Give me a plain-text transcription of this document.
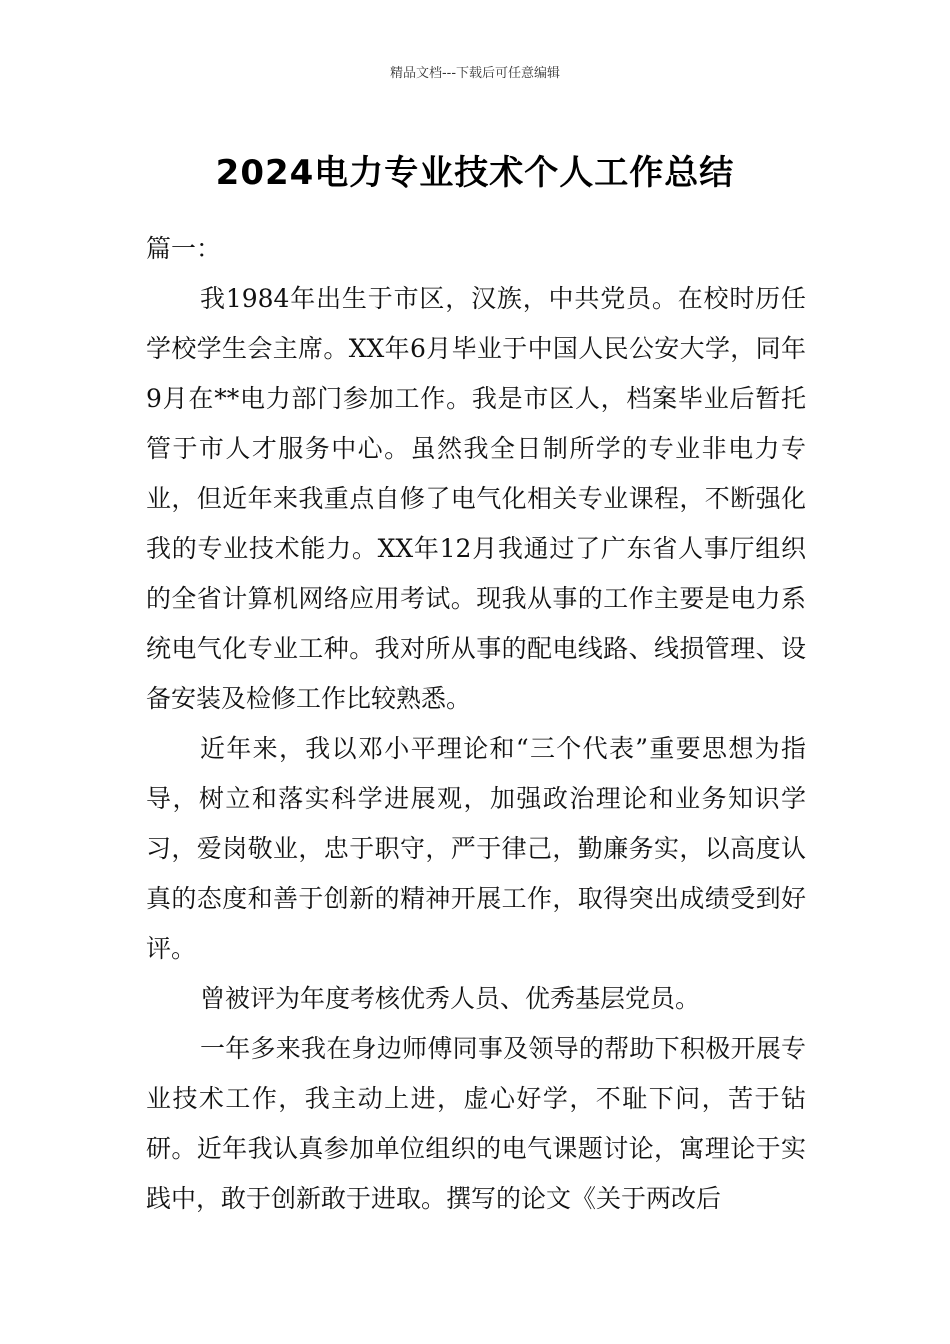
精品文档---下载后可任意编辑
2024电力专业技术个人工作总结

篇一：

我1984年出生于市区，汉族，中共党员。在校时历任学校学生会主席。XX年6月毕业于中国人民公安大学，同年9月在**电力部门参加工作。我是市区人，档案毕业后暂托管于市人才服务中心。虽然我全日制所学的专业非电力专业，但近年来我重点自修了电气化相关专业课程，不断强化我的专业技术能力。XX年12月我通过了广东省人事厅组织的全省计算机网络应用考试。现我从事的工作主要是电力系统电气化专业工种。我对所从事的配电线路、线损管理、设备安装及检修工作比较熟悉。

近年来，我以邓小平理论和“三个代表”重要思想为指导，树立和落实科学进展观，加强政治理论和业务知识学习，爱岗敬业，忠于职守，严于律己，勤廉务实，以高度认真的态度和善于创新的精神开展工作，取得突出成绩受到好评。

曾被评为年度考核优秀人员、优秀基层党员。

一年多来我在身边师傅同事及领导的帮助下积极开展专业技术工作，我主动上进，虚心好学，不耻下问，苦于钻研。近年我认真参加单位组织的电气课题讨论，寓理论于实践中，敢于创新敢于进取。撰写的论文《关于两改后
